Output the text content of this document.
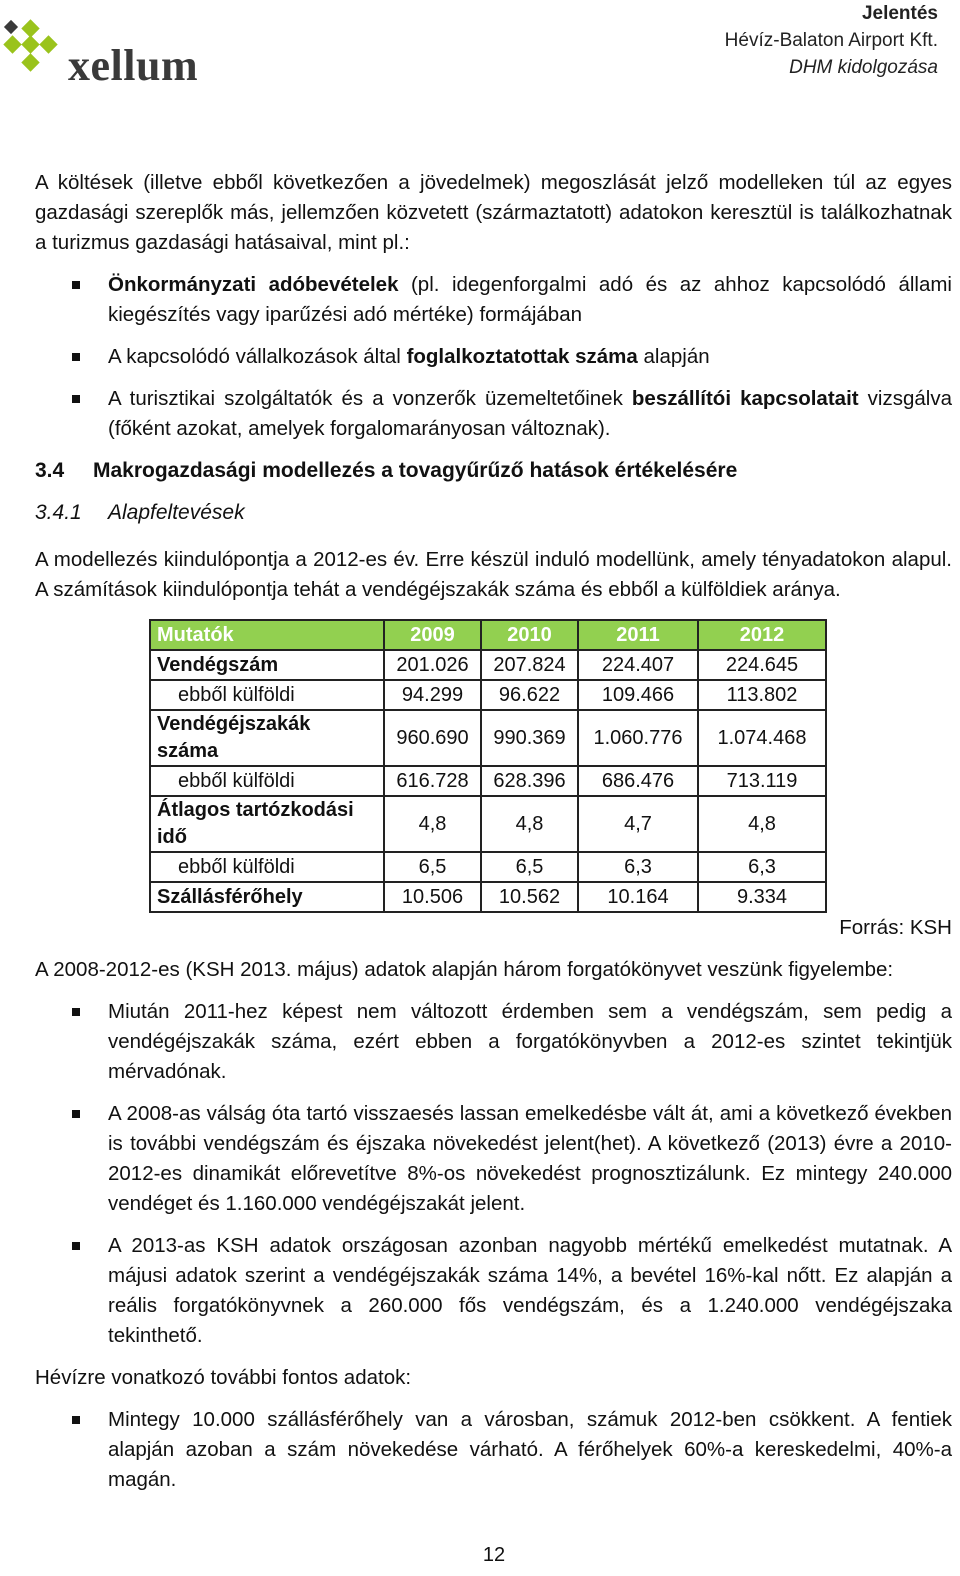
xellum
Jelentés
Hévíz-Balaton Airport Kft.
DHM kidolgozása

A költések (illetve ebből következően a jövedelmek) megoszlását jelző modelleken túl az egyes gazdasági szereplők más, jellemzően közvetett (származtatott) adatokon keresztül is találkozhatnak a turizmus gazdasági hatásaival, mint pl.:

Önkormányzati adóbevételek (pl. idegenforgalmi adó és az ahhoz kapcsolódó állami kiegészítés vagy iparűzési adó mértéke) formájában
A kapcsolódó vállalkozások által foglalkoztatottak száma alapján
A turisztikai szolgáltatók és a vonzerők üzemeltetőinek beszállítói kapcsolatait vizsgálva (főként azokat, amelyek forgalomarányosan változnak).
3.4	Makrogazdasági modellezés a tovagyűrűző hatások értékelésére
3.4.1	Alapfeltevések

A modellezés kiindulópontja a 2012-es év. Erre készül induló modellünk, amely tényadatokon alapul. A számítások kiindulópontja tehát a vendégéjszakák száma és ebből a külföldiek aránya.

Mutatók	2009	2010	2011	2012
Vendégszám	201.026	207.824	224.407	224.645
ebből külföldi	94.299	96.622	109.466	113.802
Vendégéjszakák száma	960.690	990.369	1.060.776	1.074.468
ebből külföldi	616.728	628.396	686.476	713.119
Átlagos tartózkodási idő	4,8	4,8	4,7	4,8
ebből külföldi	6,5	6,5	6,3	6,3
Szállásférőhely	10.506	10.562	10.164	9.334
Forrás: KSH

A 2008-2012-es (KSH 2013. május) adatok alapján három forgatókönyvet veszünk figyelembe:

Miután 2011-hez képest nem változott érdemben sem a vendégszám, sem pedig a vendégéjszakák száma, ezért ebben a forgatókönyvben a 2012-es szintet tekintjük mérvadónak.
A 2008-as válság óta tartó visszaesés lassan emelkedésbe vált át, ami a következő években is további vendégszám és éjszaka növekedést jelent(het). A következő (2013) évre a 2010-2012-es dinamikát előrevetítve 8%-os növekedést prognosztizálunk. Ez mintegy 240.000 vendéget és 1.160.000 vendégéjszakát jelent.
A 2013-as KSH adatok országosan azonban nagyobb mértékű emelkedést mutatnak. A májusi adatok szerint a vendégéjszakák száma 14%, a bevétel 16%-kal nőtt. Ez alapján a reális forgatókönyvnek a 260.000 fős vendégszám, és a 1.240.000 vendégéjszaka tekinthető.

Hévízre vonatkozó további fontos adatok:

Mintegy 10.000 szállásférőhely van a városban, számuk 2012-ben csökkent. A fentiek alapján azoban a szám növekedése várható. A férőhelyek 60%-a kereskedelmi, 40%-a magán.
12
